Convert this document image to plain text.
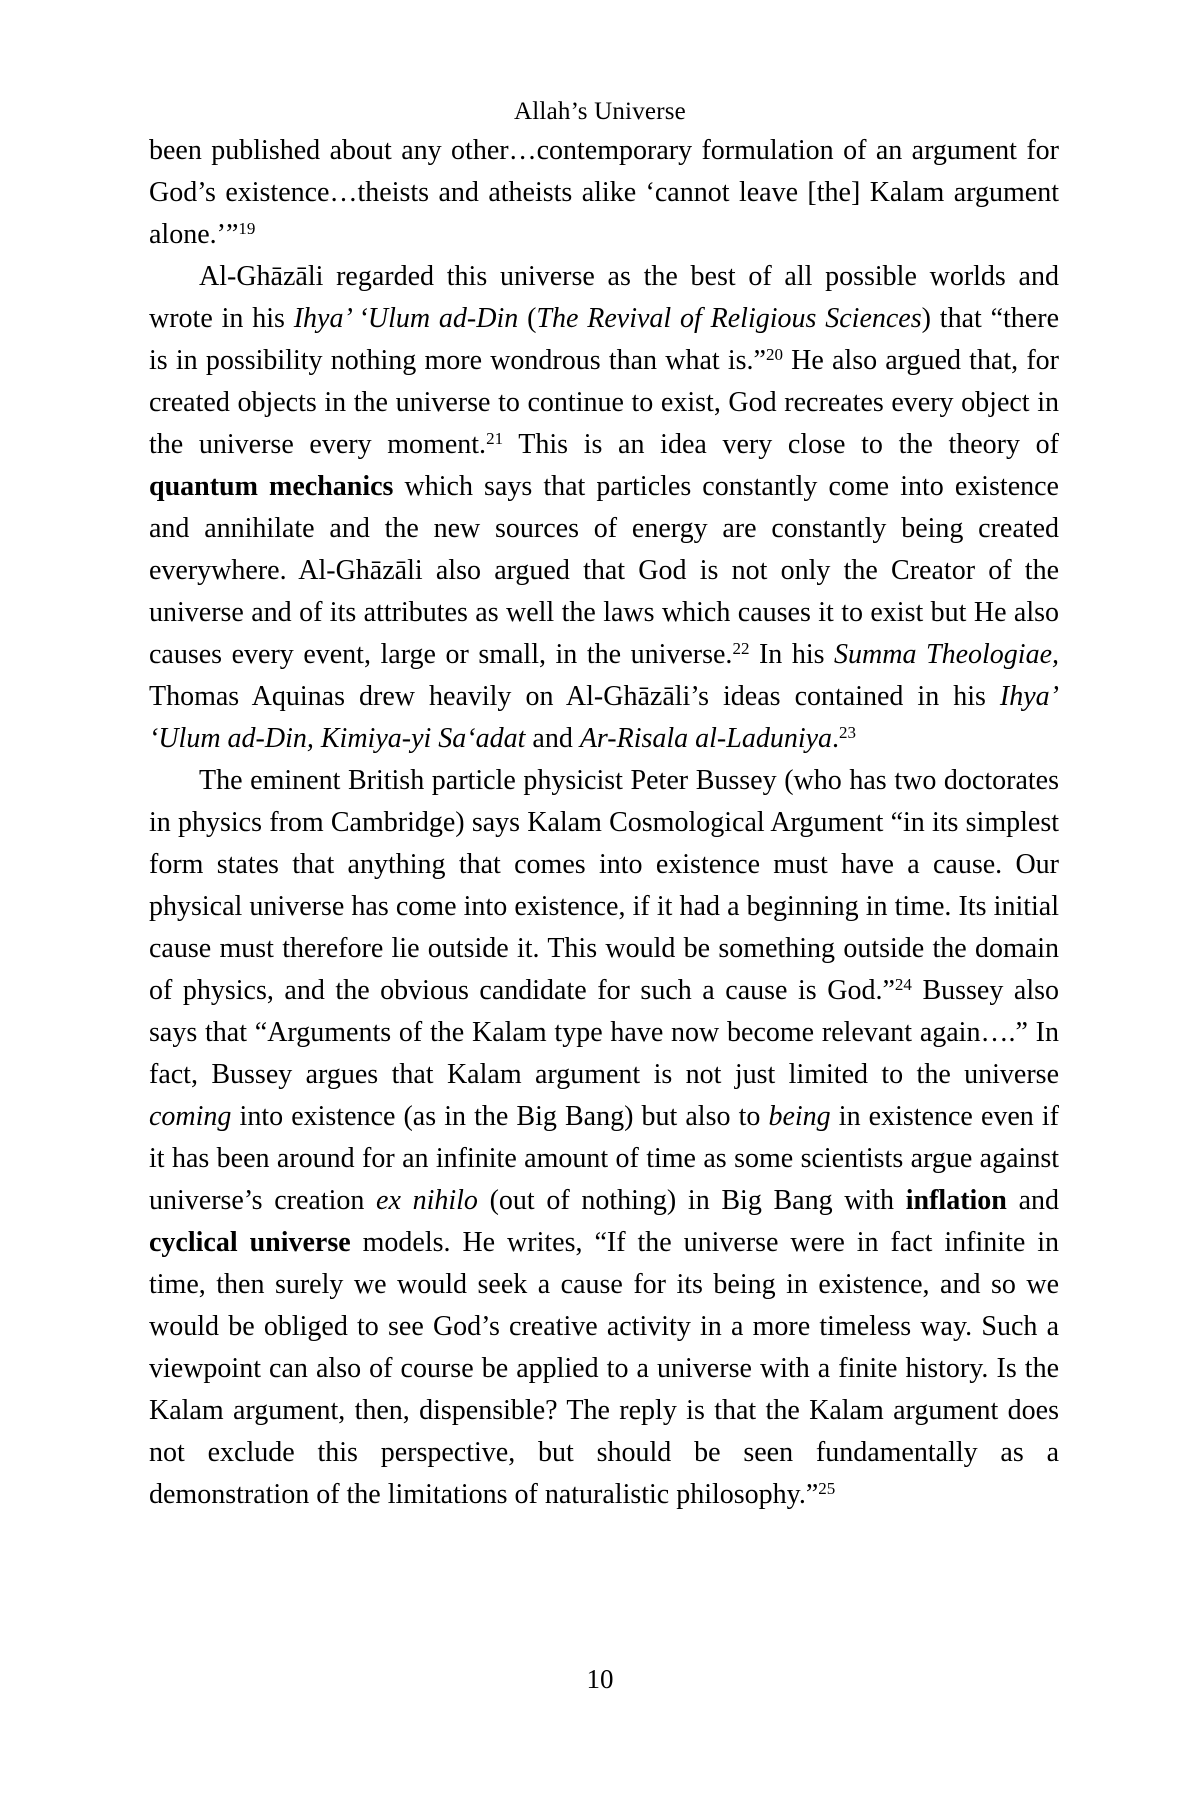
Allah’s Universe

been published about any other…contemporary formulation of an argument for God’s existence…theists and atheists alike ‘cannot leave [the] Kalam argument alone.’”$^{19}$

Al-Ghāzāli regarded this universe as the best of all possible worlds and wrote in his Ihya’ ‘Ulum ad-Din (The Revival of Religious Sciences) that “there is in possibility nothing more wondrous than what is.”$^{20}$ He also argued that, for created objects in the universe to continue to exist, God recreates every object in the universe every moment.$^{21}$ This is an idea very close to the theory of quantum mechanics which says that particles constantly come into existence and annihilate and the new sources of energy are constantly being created everywhere. Al-Ghāzāli also argued that God is not only the Creator of the universe and of its attributes as well the laws which causes it to exist but He also causes every event, large or small, in the universe.$^{22}$ In his Summa Theologiae, Thomas Aquinas drew heavily on Al-Ghāzāli’s ideas contained in his Ihya’ ‘Ulum ad-Din, Kimiya-yi Sa‘adat and Ar-Risala al-Laduniya.$^{23}$

The eminent British particle physicist Peter Bussey (who has two doctorates in physics from Cambridge) says Kalam Cosmological Argument “in its simplest form states that anything that comes into existence must have a cause. Our physical universe has come into existence, if it had a beginning in time. Its initial cause must therefore lie outside it. This would be something outside the domain of physics, and the obvious candidate for such a cause is God.”$^{24}$ Bussey also says that “Arguments of the Kalam type have now become relevant again….” In fact, Bussey argues that Kalam argument is not just limited to the universe coming into existence (as in the Big Bang) but also to being in existence even if it has been around for an infinite amount of time as some scientists argue against universe’s creation ex nihilo (out of nothing) in Big Bang with inflation and cyclical universe models. He writes, “If the universe were in fact infinite in time, then surely we would seek a cause for its being in existence, and so we would be obliged to see God’s creative activity in a more timeless way. Such a viewpoint can also of course be applied to a universe with a finite history. Is the Kalam argument, then, dispensible? The reply is that the Kalam argument does not exclude this perspective, but should be seen fundamentally as a demonstration of the limitations of naturalistic philosophy.”$^{25}$

10
